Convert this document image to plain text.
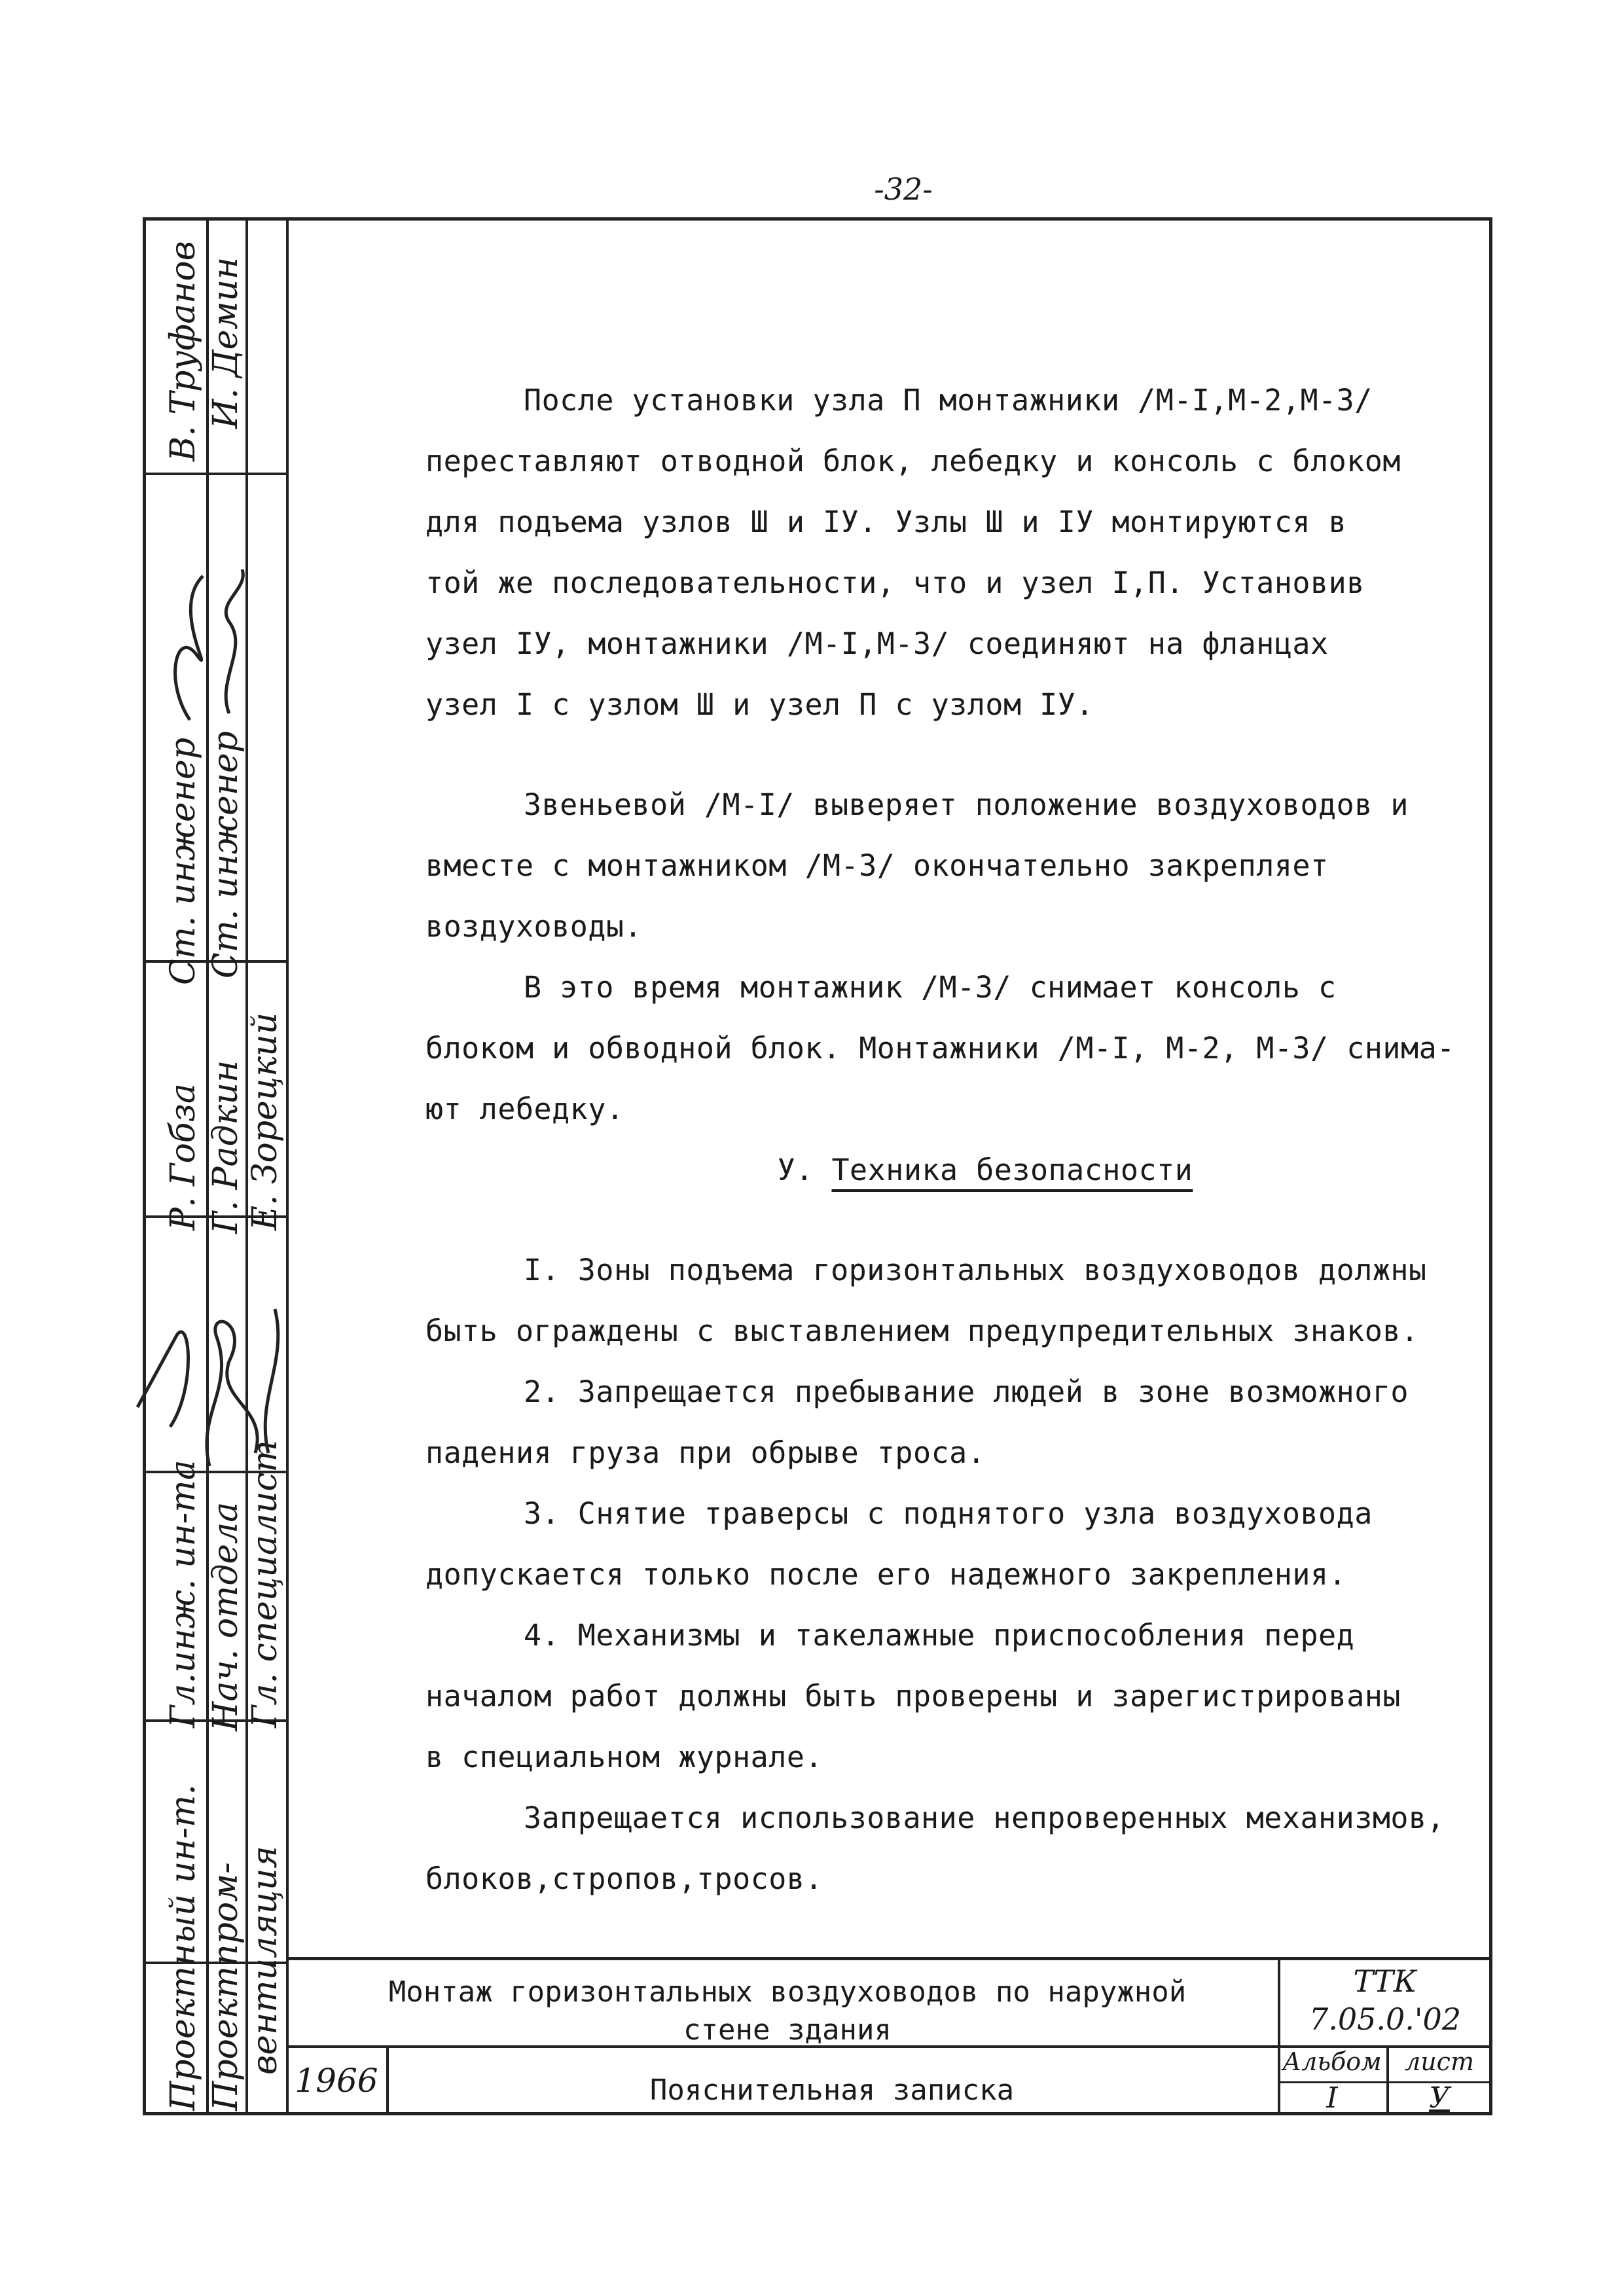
-32-
В. Труфанов И. Демин
Ст. инженер Ст. инженер
Р. Гобза Г. Радкин Е. Зорецкий
Гл.инж. ин-та Нач. отдела Гл. специалист
Проектный ин-т. Проектпром- вентиляция

После установки узла П монтажники /М-I,М-2,М-3/

переставляют отводной блок, лебедку и консоль с блоком

для подъема узлов Ш и IУ. Узлы Ш и IУ монтируются в

той же последовательности, что и узел I,П. Установив

узел IУ, монтажники /М-I,М-3/ соединяют на фланцах

узел I с узлом Ш и узел П с узлом IУ.

Звеньевой /М-I/ выверяет положение воздуховодов и

вместе с монтажником /М-3/ окончательно закрепляет

воздуховоды.

В это время монтажник /М-3/ снимает консоль с

блоком и обводной блок. Монтажники /М-I, М-2, М-3/ снима-

ют лебедку.

У. Техника безопасности

I. Зоны подъема горизонтальных воздуховодов должны

быть ограждены с выставлением предупредительных знаков.

2. Запрещается пребывание людей в зоне возможного

падения груза при обрыве троса.

3. Снятие траверсы с поднятого узла воздуховода

допускается только после его надежного закрепления.

4. Механизмы и такелажные приспособления перед

началом работ должны быть проверены и зарегистрированы

в специальном журнале.

Запрещается использование непроверенных механизмов,

блоков,стропов,тросов.

Монтаж горизонтальных воздуховодов по наружной
стене здания
ТТК
7.05.0.'02
1966	Пояснительная записка
Альбом
I
лист
У
